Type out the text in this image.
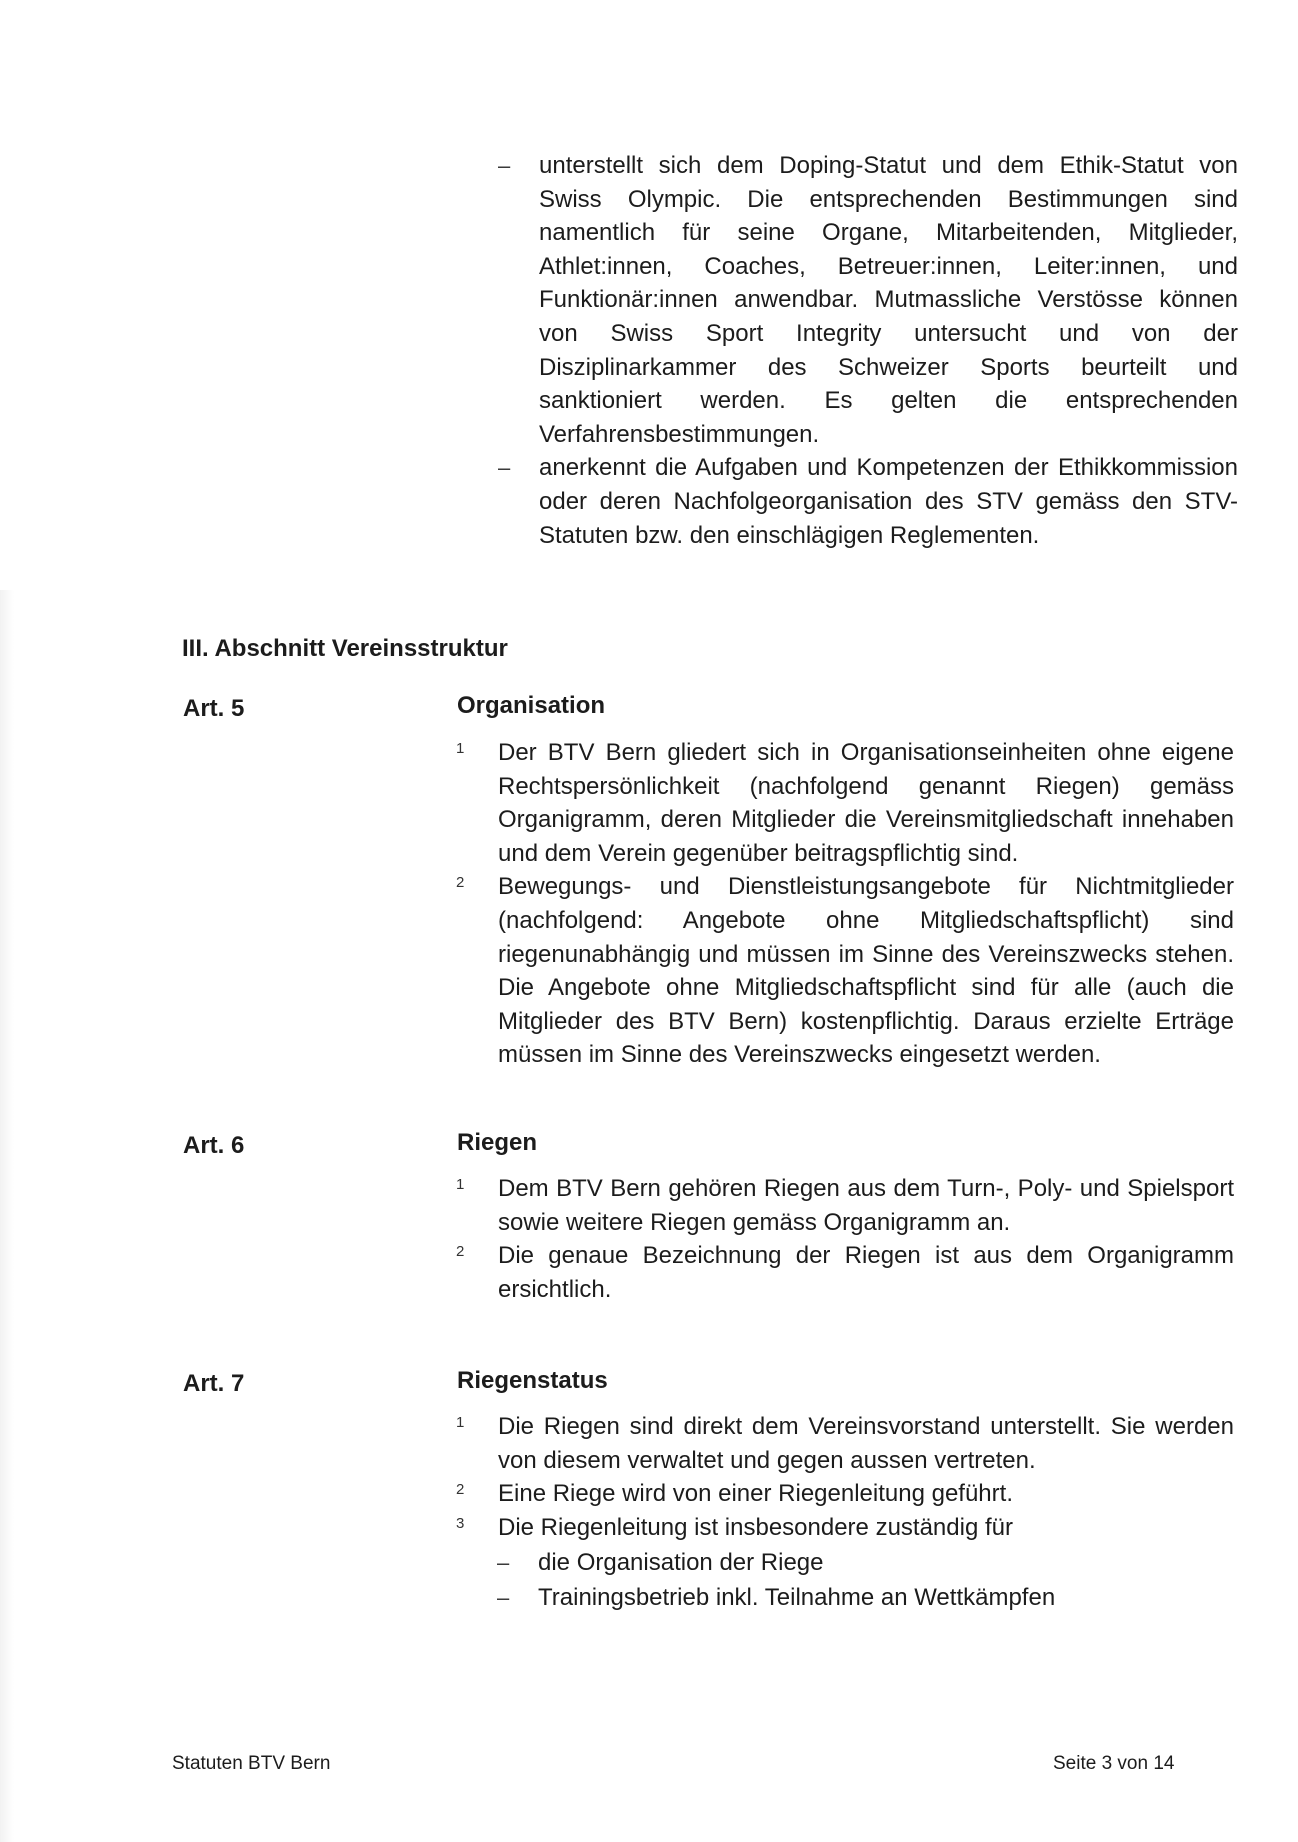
–	unterstellt sich dem Doping-Statut und dem Ethik-Statut von Swiss Olympic. Die entsprechenden Bestimmungen sind namentlich für seine Organe, Mitarbeitenden, Mitglieder, Athlet:innen, Coaches, Betreuer:innen, Leiter:innen, und Funktionär:innen anwendbar. Mutmassliche Verstösse können von Swiss Sport Integrity untersucht und von der Disziplinarkammer des Schweizer Sports beurteilt und sanktioniert werden. Es gelten die entsprechenden Verfahrensbestimmungen.
–	anerkennt die Aufgaben und Kompetenzen der Ethikkommission oder deren Nachfolgeorganisation des STV gemäss den STV-Statuten bzw. den einschlägigen Reglementen.
III. Abschnitt Vereinsstruktur
Art. 5	Organisation
1	Der BTV Bern gliedert sich in Organisationseinheiten ohne eigene Rechtspersönlichkeit (nachfolgend genannt Riegen) gemäss Organigramm, deren Mitglieder die Vereinsmitgliedschaft innehaben und dem Verein gegenüber beitragspflichtig sind.
2	Bewegungs- und Dienstleistungsangebote für Nichtmitglieder (nachfolgend: Angebote ohne Mitgliedschaftspflicht) sind riegenunabhängig und müssen im Sinne des Vereinszwecks stehen. Die Angebote ohne Mitgliedschaftspflicht sind für alle (auch die Mitglieder des BTV Bern) kostenpflichtig. Daraus erzielte Erträge müssen im Sinne des Vereinszwecks eingesetzt werden.
Art. 6	Riegen
1	Dem BTV Bern gehören Riegen aus dem Turn-, Poly- und Spielsport sowie weitere Riegen gemäss Organigramm an.
2	Die genaue Bezeichnung der Riegen ist aus dem Organigramm ersichtlich.
Art. 7	Riegenstatus
1	Die Riegen sind direkt dem Vereinsvorstand unterstellt. Sie werden von diesem verwaltet und gegen aussen vertreten.
2	Eine Riege wird von einer Riegenleitung geführt.
3	Die Riegenleitung ist insbesondere zuständig für
–	die Organisation der Riege
–	Trainingsbetrieb inkl. Teilnahme an Wettkämpfen
Statuten BTV Bern	Seite 3 von 14
